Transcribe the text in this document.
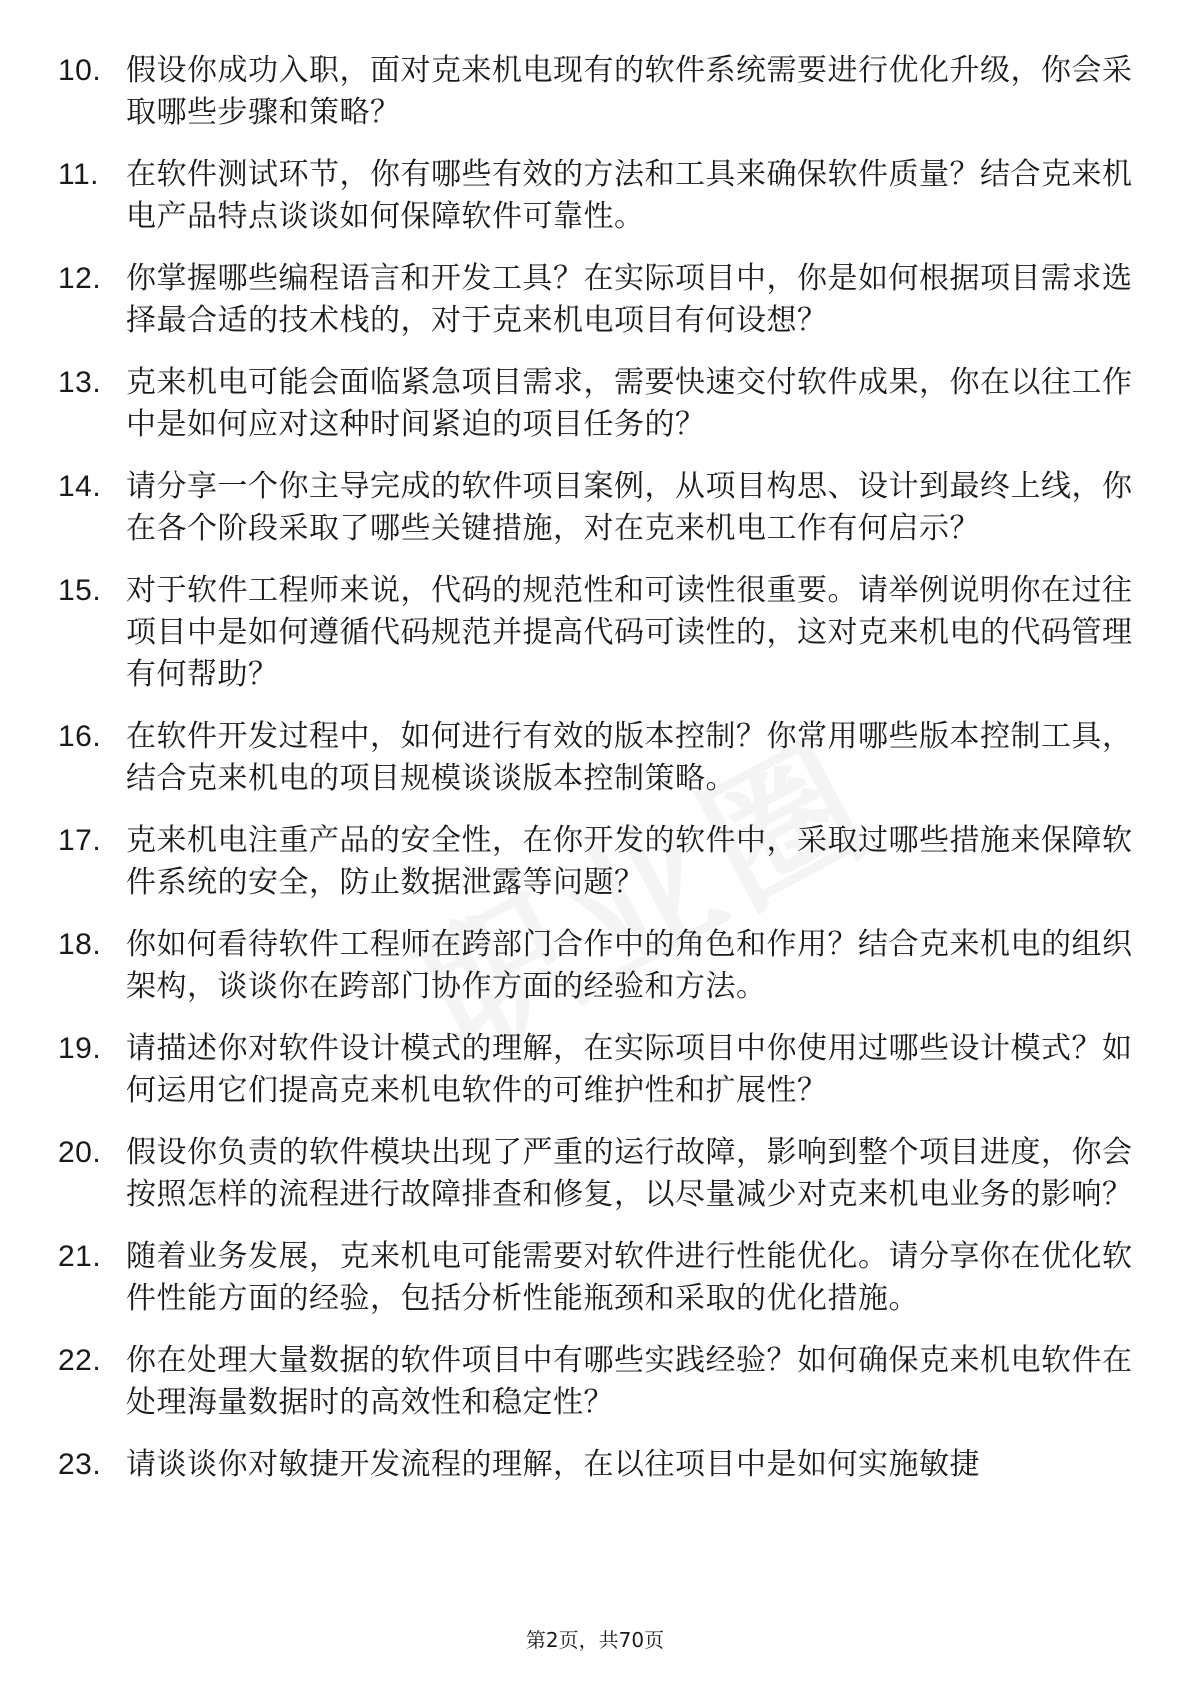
10. 假设你成功入职，面对克来机电现有的软件系统需要进行优化升级，你会采取哪些步骤和策略？
11. 在软件测试环节，你有哪些有效的方法和工具来确保软件质量？结合克来机电产品特点谈谈如何保障软件可靠性。
12. 你掌握哪些编程语言和开发工具？在实际项目中，你是如何根据项目需求选择最合适的技术栈的，对于克来机电项目有何设想？
13. 克来机电可能会面临紧急项目需求，需要快速交付软件成果，你在以往工作中是如何应对这种时间紧迫的项目任务的？
14. 请分享一个你主导完成的软件项目案例，从项目构思、设计到最终上线，你在各个阶段采取了哪些关键措施，对在克来机电工作有何启示？
15. 对于软件工程师来说，代码的规范性和可读性很重要。请举例说明你在过往项目中是如何遵循代码规范并提高代码可读性的，这对克来机电的代码管理有何帮助？
16. 在软件开发过程中，如何进行有效的版本控制？你常用哪些版本控制工具，结合克来机电的项目规模谈谈版本控制策略。
17. 克来机电注重产品的安全性，在你开发的软件中，采取过哪些措施来保障软件系统的安全，防止数据泄露等问题？
18. 你如何看待软件工程师在跨部门合作中的角色和作用？结合克来机电的组织架构，谈谈你在跨部门协作方面的经验和方法。
19. 请描述你对软件设计模式的理解，在实际项目中你使用过哪些设计模式？如何运用它们提高克来机电软件的可维护性和扩展性？
20. 假设你负责的软件模块出现了严重的运行故障，影响到整个项目进度，你会按照怎样的流程进行故障排查和修复，以尽量减少对克来机电业务的影响？
21. 随着业务发展，克来机电可能需要对软件进行性能优化。请分享你在优化软件性能方面的经验，包括分析性能瓶颈和采取的优化措施。
22. 你在处理大量数据的软件项目中有哪些实践经验？如何确保克来机电软件在处理海量数据时的高效性和稳定性？
23. 请谈谈你对敏捷开发流程的理解，在以往项目中是如何实施敏捷
第2页，共70页
